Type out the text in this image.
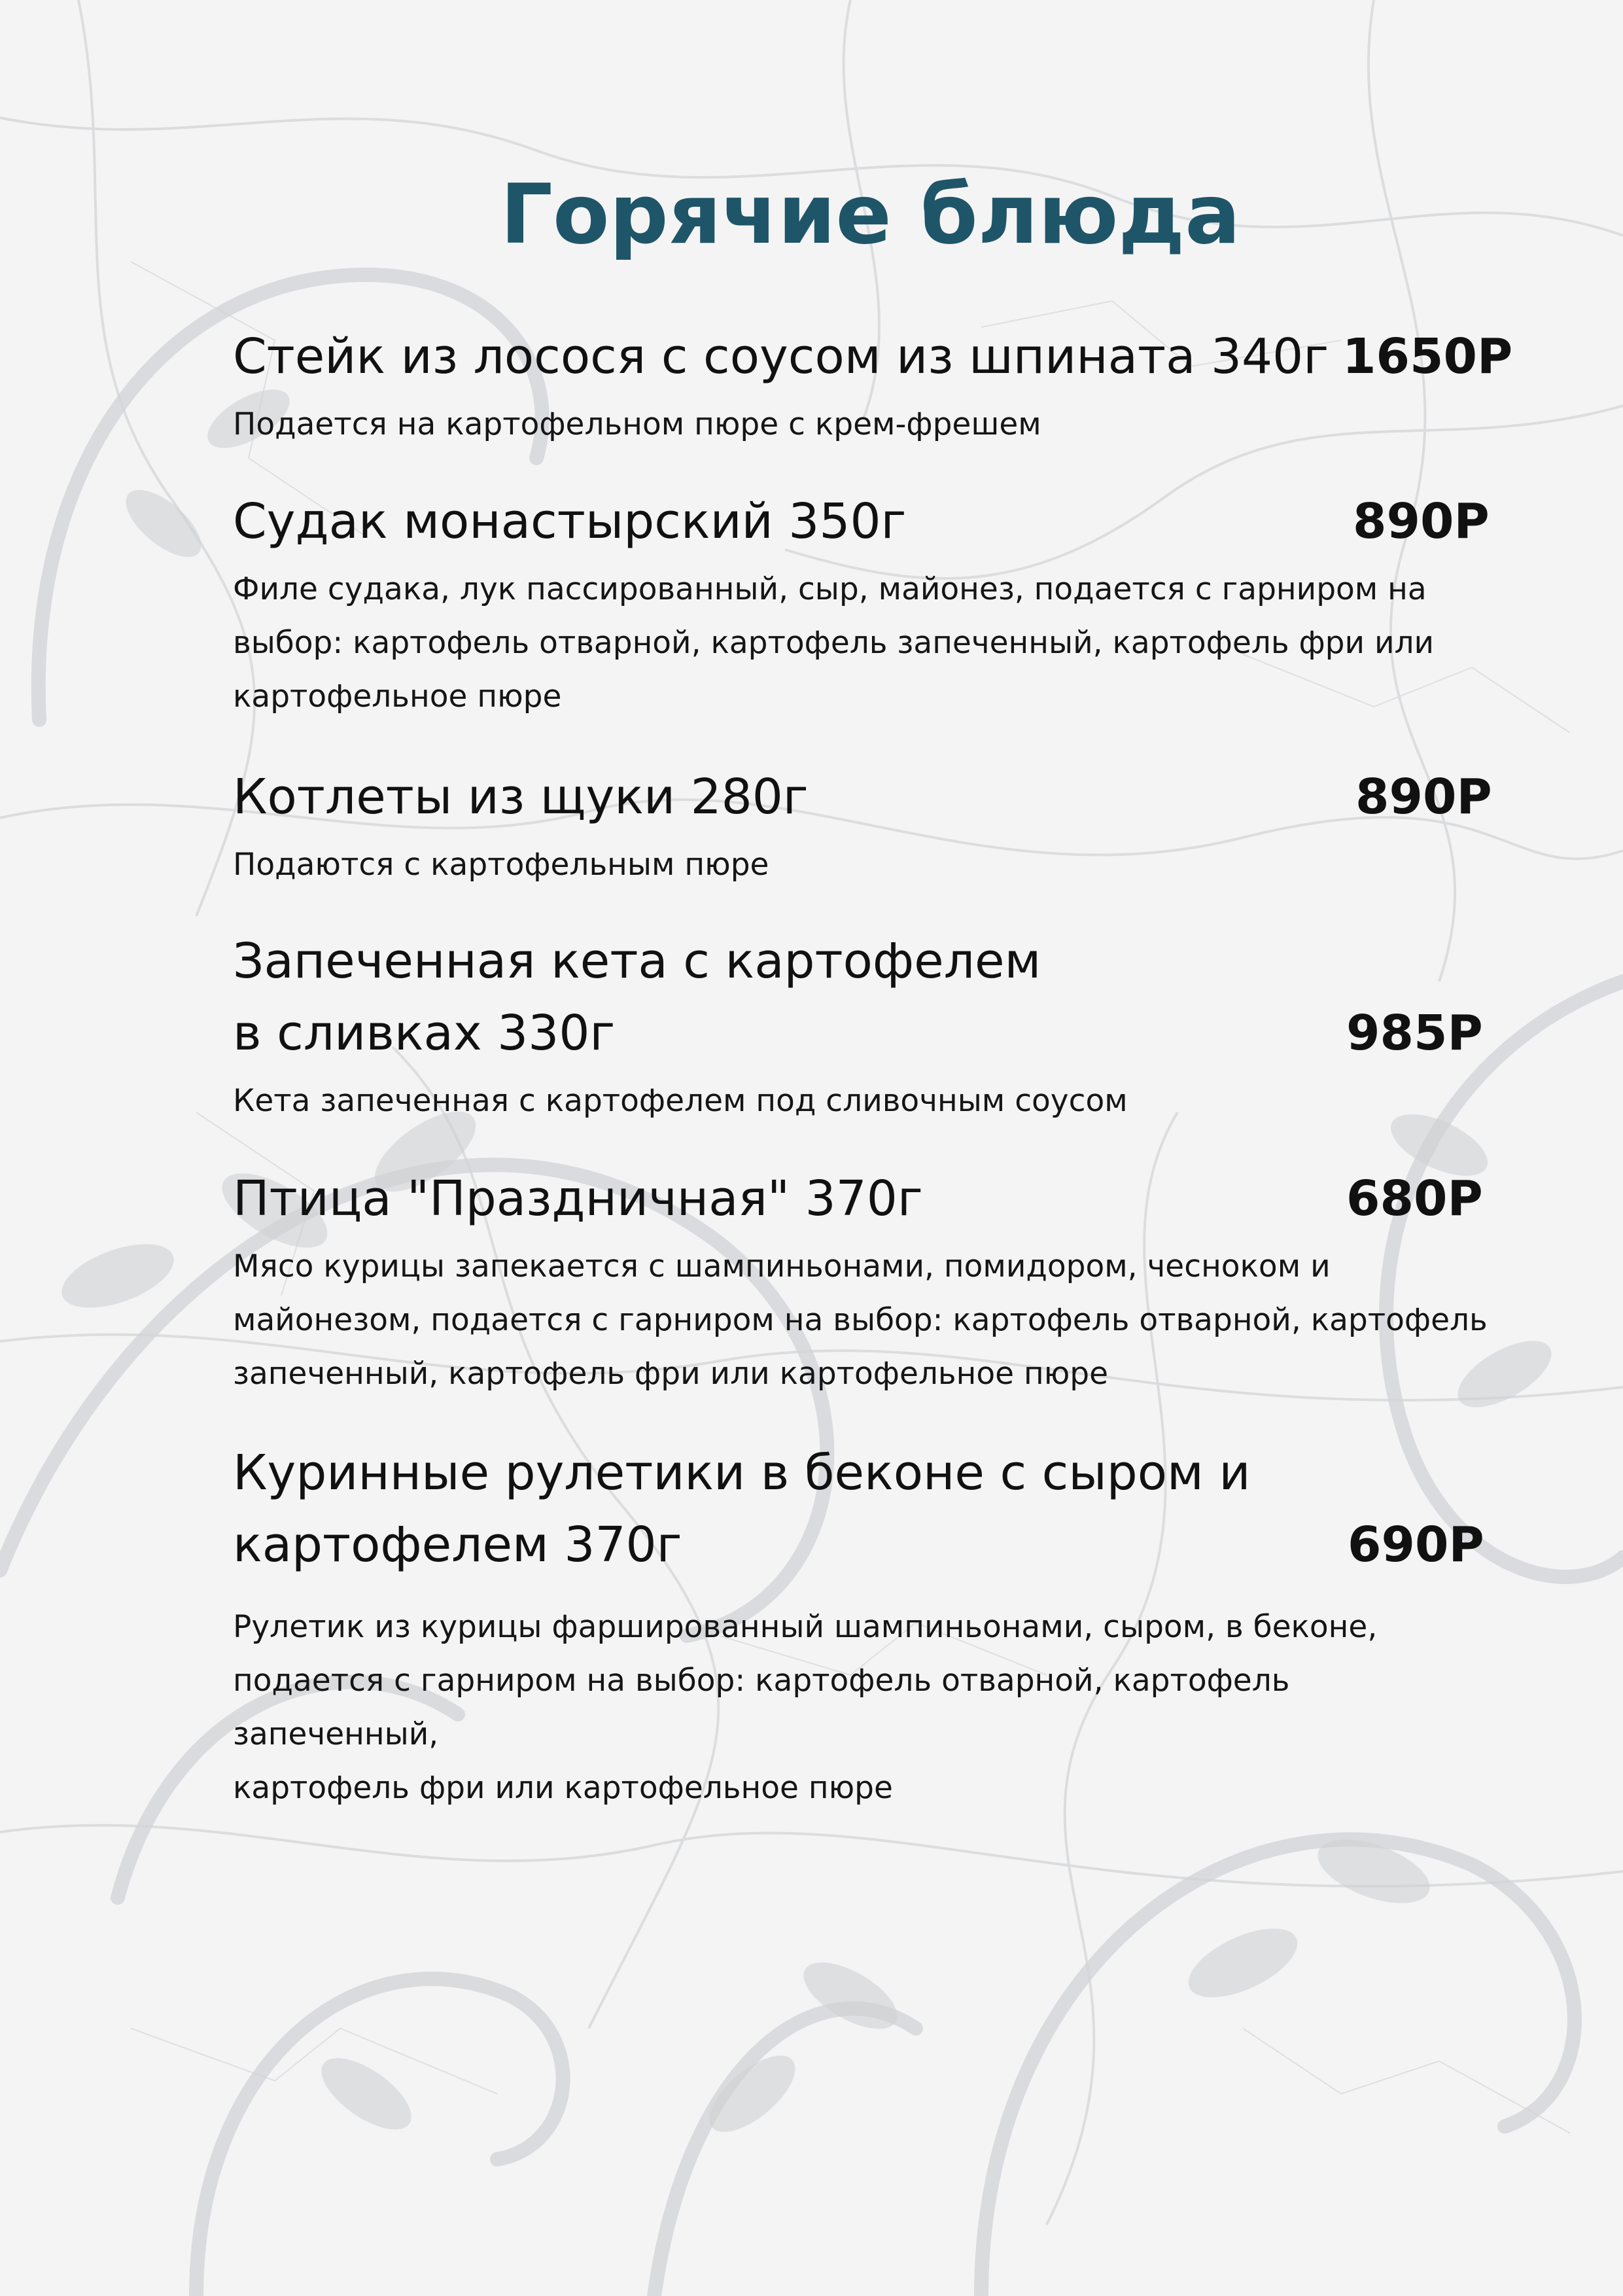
Горячие блюда

Стейк из лосося с соусом из шпината 340г 1650Р

Подается на картофельном пюре с крем-фрешем

Судак монастырский 350г	890Р

Филе судака, лук пассированный, сыр, майонез, подается с гарниром на

выбор: картофель отварной, картофель запеченный, картофель фри или

картофельное пюре

Котлеты из щуки 280г	890Р

Подаются с картофельным пюре

Запеченная кета с картофелем

в сливках 330г	985Р

Кета запеченная с картофелем под сливочным соусом

Птица "Праздничная" 370г	680Р

Мясо курицы запекается с шампиньонами, помидором, чесноком и

майонезом, подается с гарниром на выбор: картофель отварной, картофель

запеченный, картофель фри или картофельное пюре

Куринные рулетики в беконе с сыром и

картофелем 370г	690Р

Рулетик из курицы фаршированный шампиньонами, сыром, в беконе,

подается с гарниром на выбор: картофель отварной, картофель запеченный,

картофель фри или картофельное пюре
